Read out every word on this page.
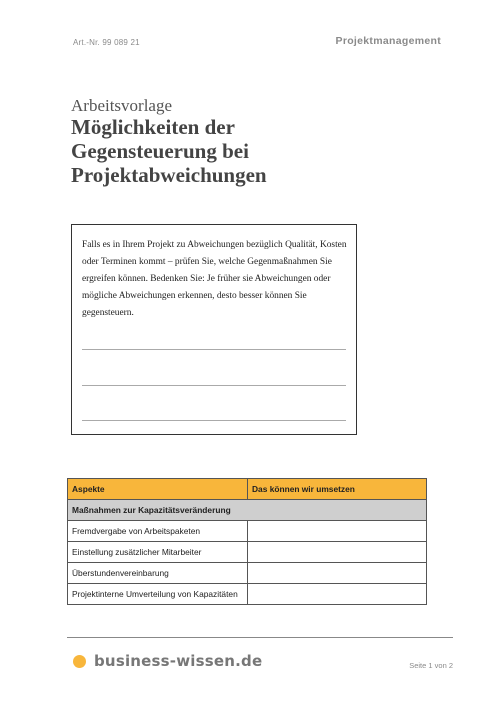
Art.-Nr. 99 089 21	Projektmanagement
Arbeitsvorlage
Möglichkeiten der
Gegensteuerung bei
Projektabweichungen
Falls es in Ihrem Projekt zu Abweichungen bezüglich Qualität, Kosten
oder Terminen kommt – prüfen Sie, welche Gegenmaßnahmen Sie
ergreifen können. Bedenken Sie: Je früher sie Abweichungen oder
mögliche Abweichungen erkennen, desto besser können Sie
gegensteuern.
Aspekte	Das können wir umsetzen
Maßnahmen zur Kapazitätsveränderung	
Fremdvergabe von Arbeitspaketen	
Einstellung zusätzlicher Mitarbeiter	
Überstundenvereinbarung	
Projektinterne Umverteilung von Kapazitäten	
business-wissen.de	Seite 1 von 2
